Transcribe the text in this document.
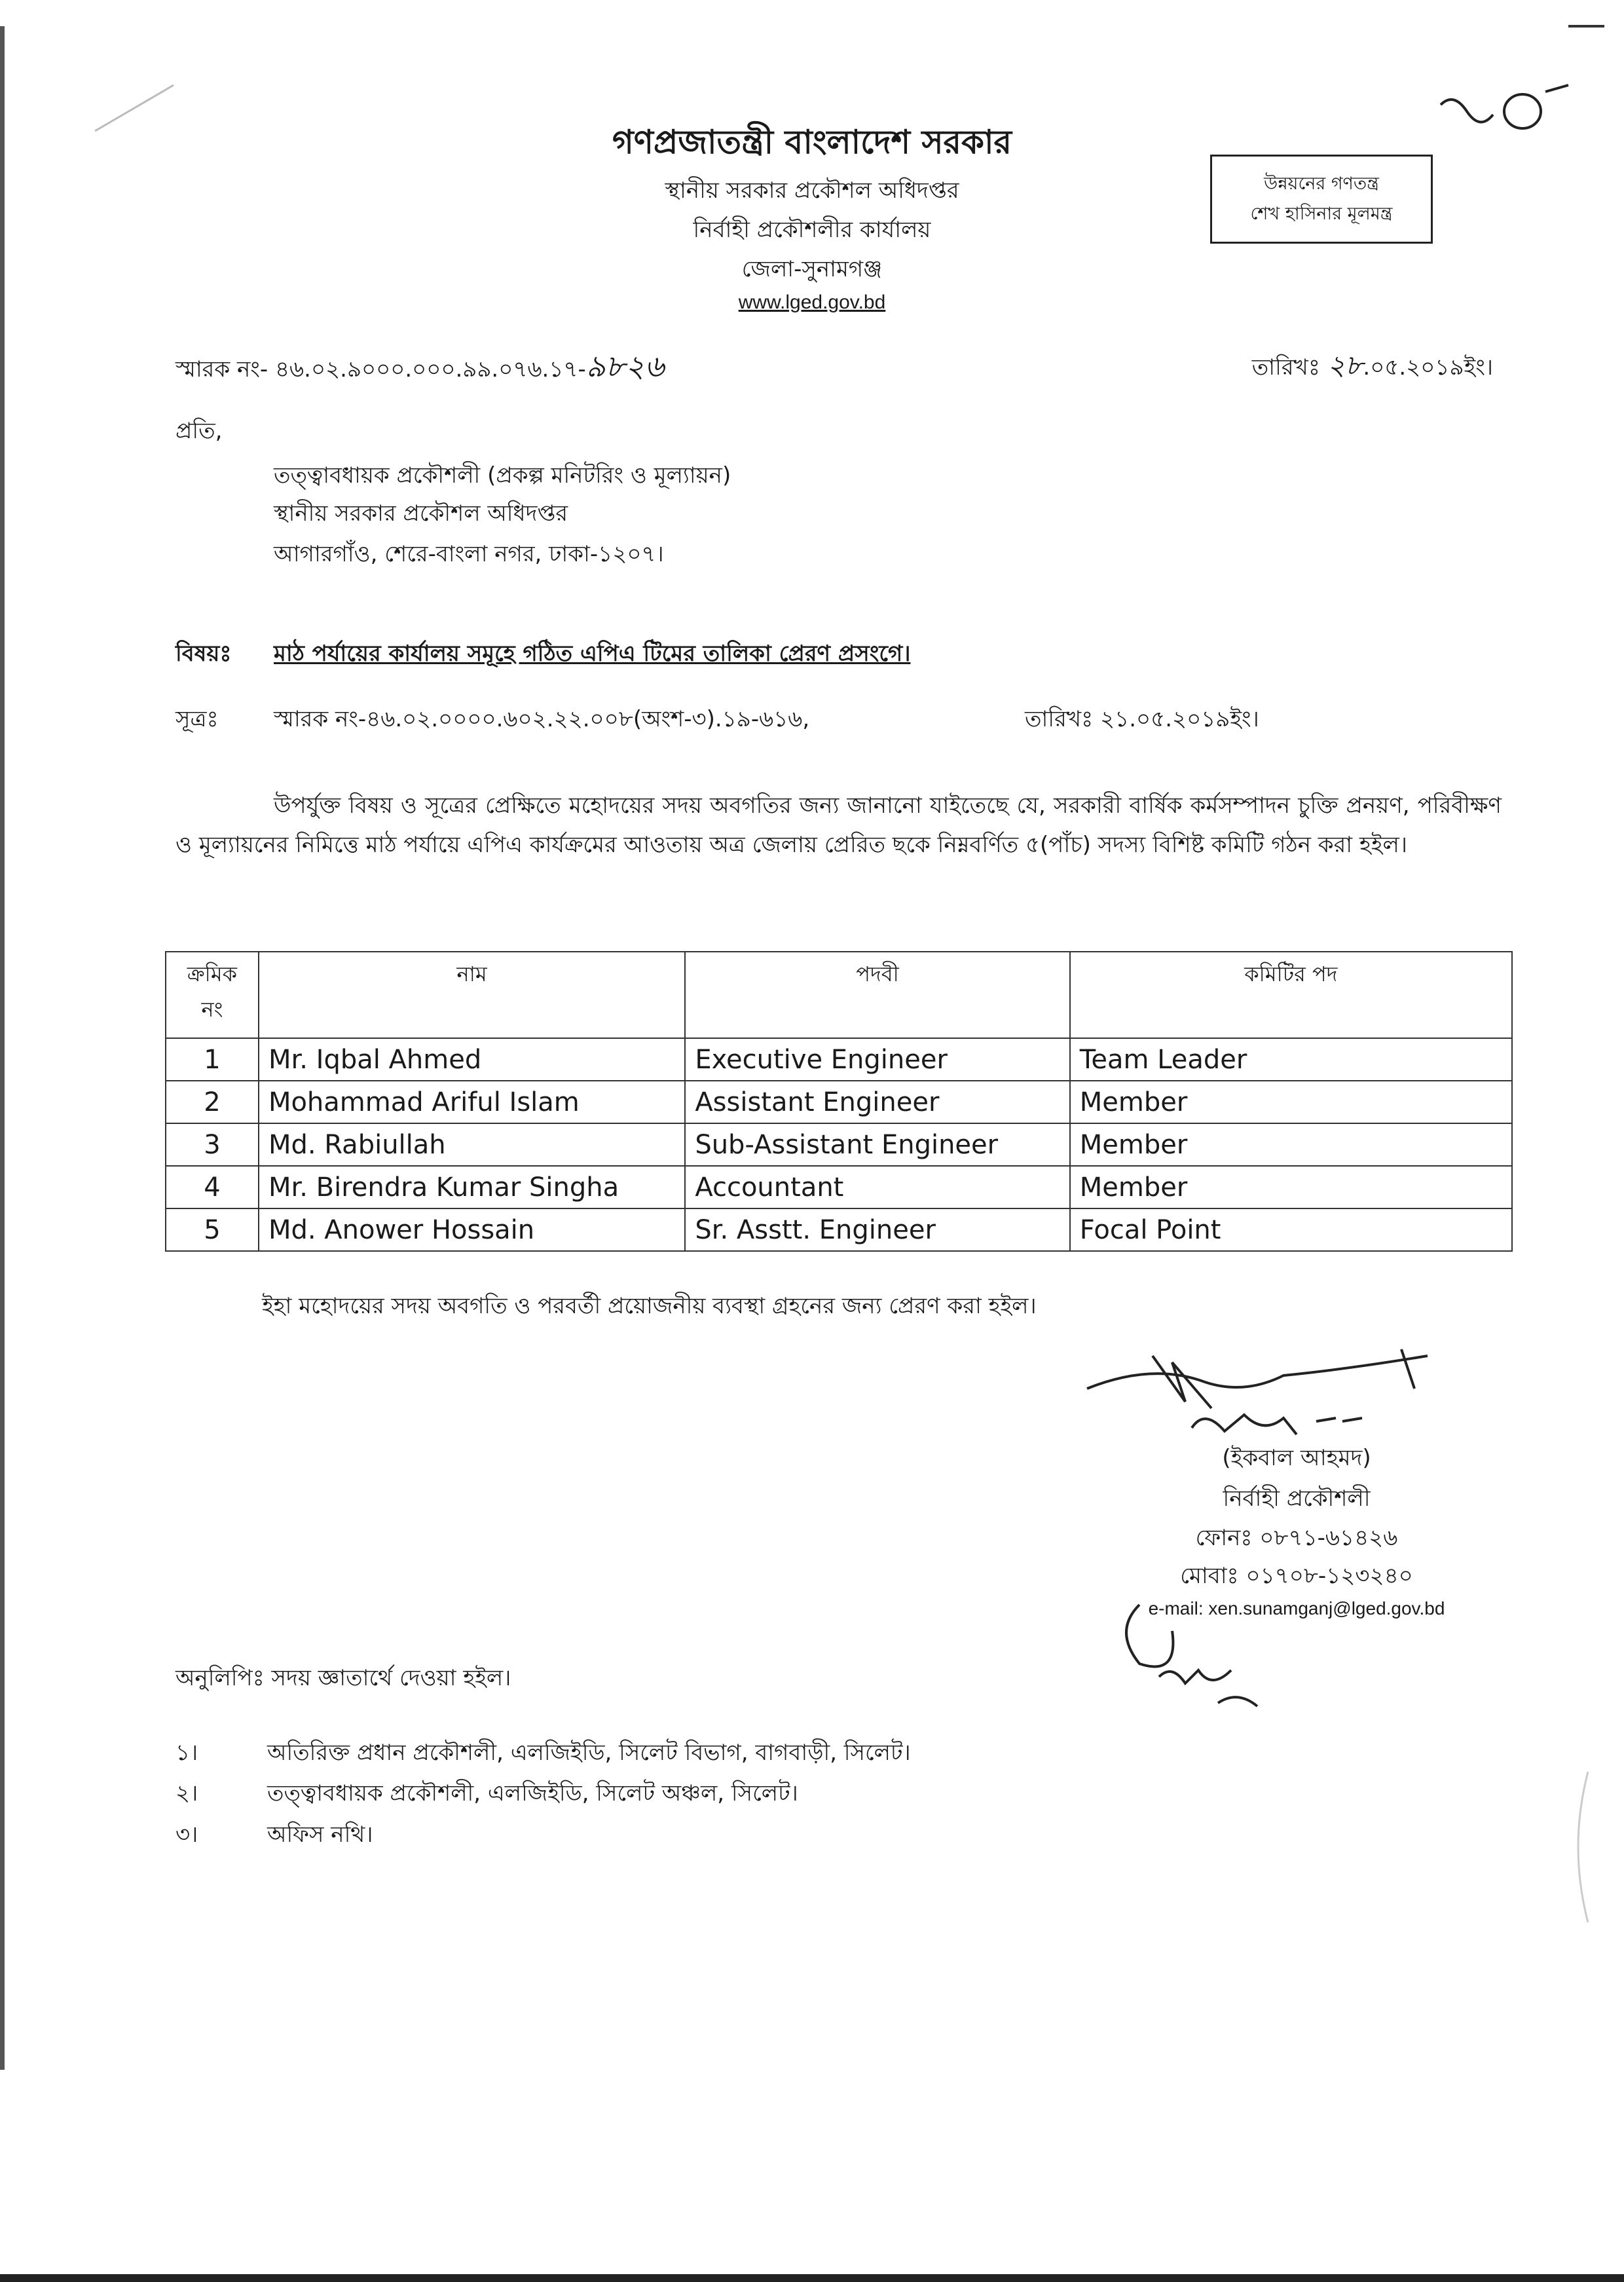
গণপ্রজাতন্ত্রী বাংলাদেশ সরকার
স্থানীয় সরকার প্রকৌশল অধিদপ্তর
নির্বাহী প্রকৌশলীর কার্যালয়
জেলা-সুনামগঞ্জ
www.lged.gov.bd
উন্নয়নের গণতন্ত্র
শেখ হাসিনার মূলমন্ত্র
স্মারক নং- ৪৬.০২.৯০০০.০০০.৯৯.০৭৬.১৭-৯৮২৬	তারিখঃ ২৮.০৫.২০১৯ইং।
প্রতি,
তত্ত্বাবধায়ক প্রকৌশলী (প্রকল্প মনিটরিং ও মূল্যায়ন)
স্থানীয় সরকার প্রকৌশল অধিদপ্তর
আগারগাঁও, শেরে-বাংলা নগর, ঢাকা-১২০৭।
বিষয়ঃ মাঠ পর্যায়ের কার্যালয় সমূহে গঠিত এপিএ টিমের তালিকা প্রেরণ প্রসংগে।
সূত্রঃ স্মারক নং-৪৬.০২.০০০০.৬০২.২২.০০৮(অংশ-৩).১৯-৬১৬,	তারিখঃ ২১.০৫.২০১৯ইং।
উপর্যুক্ত বিষয় ও সূত্রের প্রেক্ষিতে মহোদয়ের সদয় অবগতির জন্য জানানো যাইতেছে যে, সরকারী বার্ষিক কর্মসম্পাদন চুক্তি প্রনয়ণ, পরিবীক্ষণ ও মূল্যায়নের নিমিত্তে মাঠ পর্যায়ে এপিএ কার্যক্রমের আওতায় অত্র জেলায় প্রেরিত ছকে নিম্নবর্ণিত ৫(পাঁচ) সদস্য বিশিষ্ট কমিটি গঠন করা হইল।
ক্রমিক নং	নাম	পদবী	কমিটির পদ
1	Mr. Iqbal Ahmed	Executive Engineer	Team Leader
2	Mohammad Ariful Islam	Assistant Engineer	Member
3	Md. Rabiullah	Sub-Assistant Engineer	Member
4	Mr. Birendra Kumar Singha	Accountant	Member
5	Md. Anower Hossain	Sr. Asstt. Engineer	Focal Point
ইহা মহোদয়ের সদয় অবগতি ও পরবর্তী প্রয়োজনীয় ব্যবস্থা গ্রহনের জন্য প্রেরণ করা হইল।
(ইকবাল আহমদ)
নির্বাহী প্রকৌশলী
ফোনঃ ০৮৭১-৬১৪২৬
মোবাঃ ০১৭০৮-১২৩২৪০
e-mail: xen.sunamganj@lged.gov.bd
অনুলিপিঃ সদয় জ্ঞাতার্থে দেওয়া হইল।
১।	অতিরিক্ত প্রধান প্রকৌশলী, এলজিইডি, সিলেট বিভাগ, বাগবাড়ী, সিলেট।
২।	তত্ত্বাবধায়ক প্রকৌশলী, এলজিইডি, সিলেট অঞ্চল, সিলেট।
৩।	অফিস নথি।
